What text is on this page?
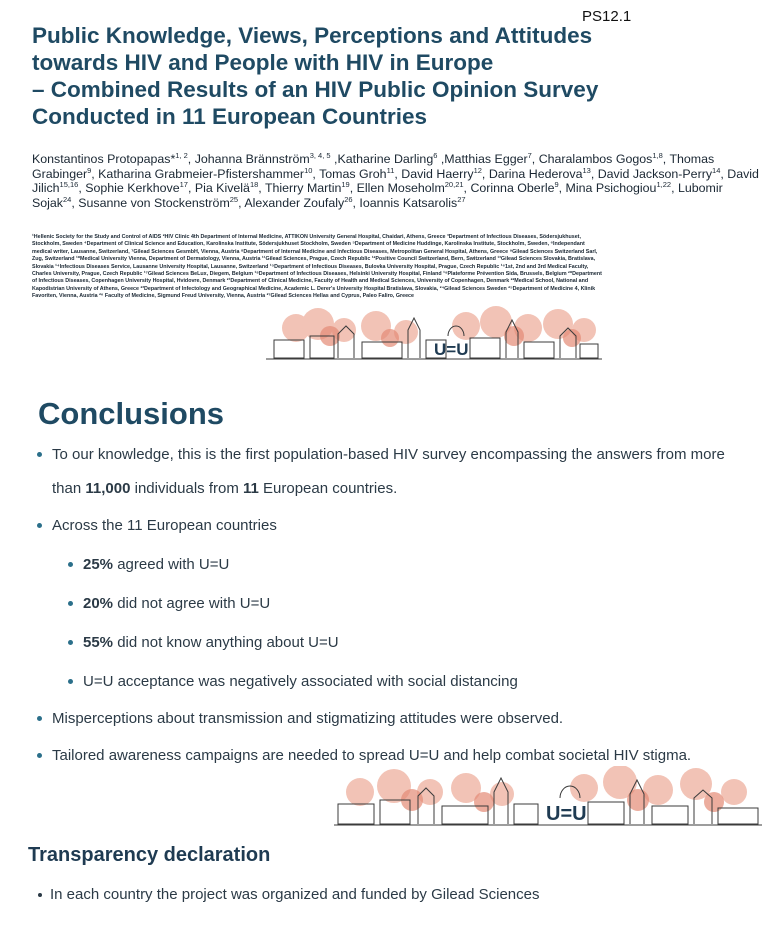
PS12.1
Public Knowledge, Views, Perceptions and Attitudes
towards HIV and People with HIV in Europe
– Combined Results of an HIV Public Opinion Survey
Conducted in 11 European Countries
Konstantinos Protopapas*$^{1, 2}$, Johanna Brännström$^{3, 4, 5}$ ,Katharine Darling$^6$ ,Matthias Egger$^7$, Charalambos Gogos$^{1,8}$, Thomas Grabinger$^9$, Katharina Grabmeier-Pfistershammer$^{10}$, Tomas Groh$^{11}$, David Haerry$^{12}$, Darina Hederova$^{13}$, David Jackson-Perry$^{14}$, David Jilich$^{15,16}$, Sophie Kerkhove$^{17}$, Pia Kivelä$^{18}$, Thierry Martin$^{19}$, Ellen Moseholm$^{20,21}$, Corinna Oberle$^9$, Mina Psichogiou$^{1,22}$, Lubomir Sojak$^{24}$, Susanne von Stockenström$^{25}$, Alexander Zoufaly$^{26}$, Ioannis Katsarolis$^{27}$
¹Hellenic Society for the Study and Control of AIDS ²HIV Clinic 4th Department of Internal Medicine, ATTIKON University General Hospital, Chaidari, Athens, Greece ³Department of Infectious Diseases, Södersjukhuset, Stockholm, Sweden ⁴Department of Clinical Science and Education, Karolinska Institute, Södersjukhuset Stockholm, Sweden ⁵Department of Medicine Huddinge, Karolinska Institute, Stockholm, Sweden, ⁶Independant medical writer, Lausanne, Switzerland, ⁷Gilead Sciences GesmbH, Vienna, Austria ⁸Department of Internal Medicine and Infectious Diseases, Metropolitan General Hospital, Athens, Greece ⁹Gilead Sciences Switzerland Sarl, Zug, Switzerland ¹⁰Medical University Vienna, Department of Dermatology, Vienna, Austria ¹¹Gilead Sciences, Prague, Czech Republic ¹²Positive Council Switzerland, Bern, Switzerland ¹³Gilead Sciences Slovakia, Bratislava, Slovakia ¹⁴Infectious Diseases Service, Lausanne University Hospital, Lausanne, Switzerland ¹⁵Department of Infectious Diseases, Bulovka University Hospital, Prague, Czech Republic ¹⁶1st, 2nd and 3rd Medical Faculty, Charles University, Prague, Czech Republic ¹⁷Gilead Sciences BeLux, Diegem, Belgium ¹⁸Department of Infectious Diseases, Helsinki University Hospital, Finland ¹⁹Plateforme Prévention Sida, Brussels, Belgium ²⁰Department of Infectious Diseases, Copenhagen University Hospital, Hvidovre, Denmark ²¹Department of Clinical Medicine, Faculty of Health and Medical Sciences, University of Copenhagen, Denmark ²²Medical School, National and Kapodistrian University of Athens, Greece ²³Department of Infectology and Geographical Medicine, Academic L. Derer's University Hospital Bratislava, Slovakia, ²⁴Gilead Sciences Sweden ²⁵Department of Medicine 4, Klinik Favoriten, Vienna, Austria ²⁶ Faculty of Medicine, Sigmund Freud University, Vienna, Austria ²⁷Gilead Sciences Hellas and Cyprus, Paleo Faliro, Greece
U=U
Conclusions
To our knowledge, this is the first population-based HIV survey encompassing the answers from more
than 11,000 individuals from 11 European countries.
Across the 11 European countries
25% agreed with U=U
20% did not agree with U=U
55% did not know anything about U=U
U=U acceptance was negatively associated with social distancing
Misperceptions about transmission and stigmatizing attitudes were observed.
Tailored awareness campaigns are needed to spread U=U and help combat societal HIV stigma.
U=U
Transparency declaration
In each country the project was organized and funded by Gilead Sciences
